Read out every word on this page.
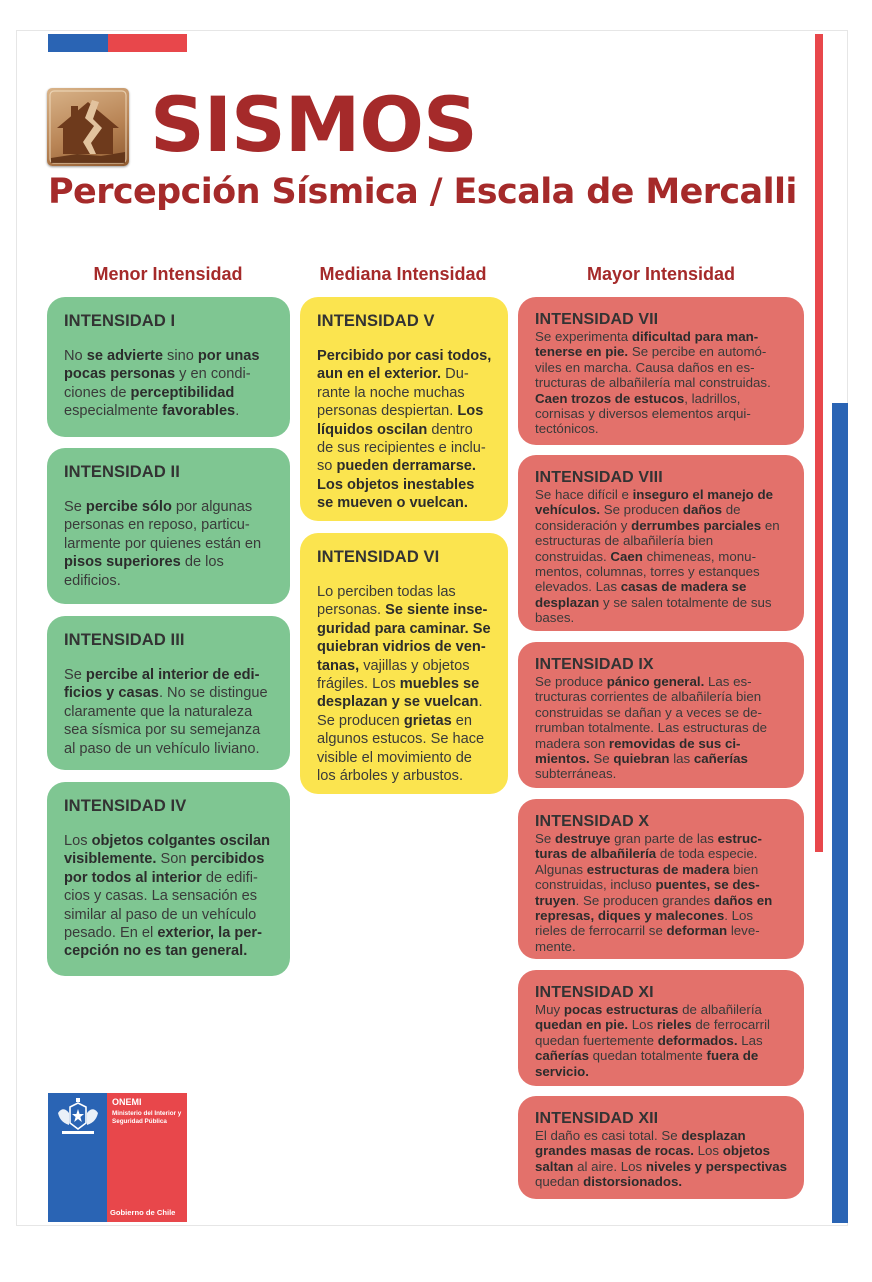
SISMOS
Percepción Sísmica / Escala de Mercalli
Menor Intensidad	Mediana Intensidad	Mayor Intensidad
INTENSIDAD I
No se advierte sino por unas pocas personas y en condiciones de perceptibilidad especialmente favorables.
INTENSIDAD II
Se percibe sólo por algunas personas en reposo, particularmente por quienes están en pisos superiores de los edificios.
INTENSIDAD III
Se percibe al interior de edificios y casas. No se distingue claramente que la naturaleza sea sísmica por su semejanza al paso de un vehículo liviano.
INTENSIDAD IV
Los objetos colgantes oscilan visiblemente. Son percibidos por todos al interior de edificios y casas. La sensación es similar al paso de un vehículo pesado. En el exterior, la percepción no es tan general.
INTENSIDAD V
Percibido por casi todos, aun en el exterior. Durante la noche muchas personas despiertan. Los líquidos oscilan dentro de sus recipientes e incluso pueden derramarse. Los objetos inestables se mueven o vuelcan.
INTENSIDAD VI
Lo perciben todas las personas. Se siente inseguridad para caminar. Se quiebran vidrios de ventanas, vajillas y objetos frágiles. Los muebles se desplazan y se vuelcan. Se producen grietas en algunos estucos. Se hace visible el movimiento de los árboles y arbustos.
INTENSIDAD VII
Se experimenta dificultad para mantenerse en pie. Se percibe en automóviles en marcha. Causa daños en estructuras de albañilería mal construidas. Caen trozos de estucos, ladrillos, cornisas y diversos elementos arquitectónicos.
INTENSIDAD VIII
Se hace difícil e inseguro el manejo de vehículos. Se producen daños de consideración y derrumbes parciales en estructuras de albañilería bien construidas. Caen chimeneas, monumentos, columnas, torres y estanques elevados. Las casas de madera se desplazan y se salen totalmente de sus bases.
INTENSIDAD IX
Se produce pánico general. Las estructuras corrientes de albañilería bien construidas se dañan y a veces se derrumban totalmente. Las estructuras de madera son removidas de sus cimientos. Se quiebran las cañerías subterráneas.
INTENSIDAD X
Se destruye gran parte de las estructuras de albañilería de toda especie. Algunas estructuras de madera bien construidas, incluso puentes, se destruyen. Se producen grandes daños en represas, diques y malecones. Los rieles de ferrocarril se deforman levemente.
INTENSIDAD XI
Muy pocas estructuras de albañilería quedan en pie. Los rieles de ferrocarril quedan fuertemente deformados. Las cañerías quedan totalmente fuera de servicio.
INTENSIDAD XII
El daño es casi total. Se desplazan grandes masas de rocas. Los objetos saltan al aire. Los niveles y perspectivas quedan distorsionados.
ONEMI
Ministerio del Interior y Seguridad Pública
Gobierno de Chile
